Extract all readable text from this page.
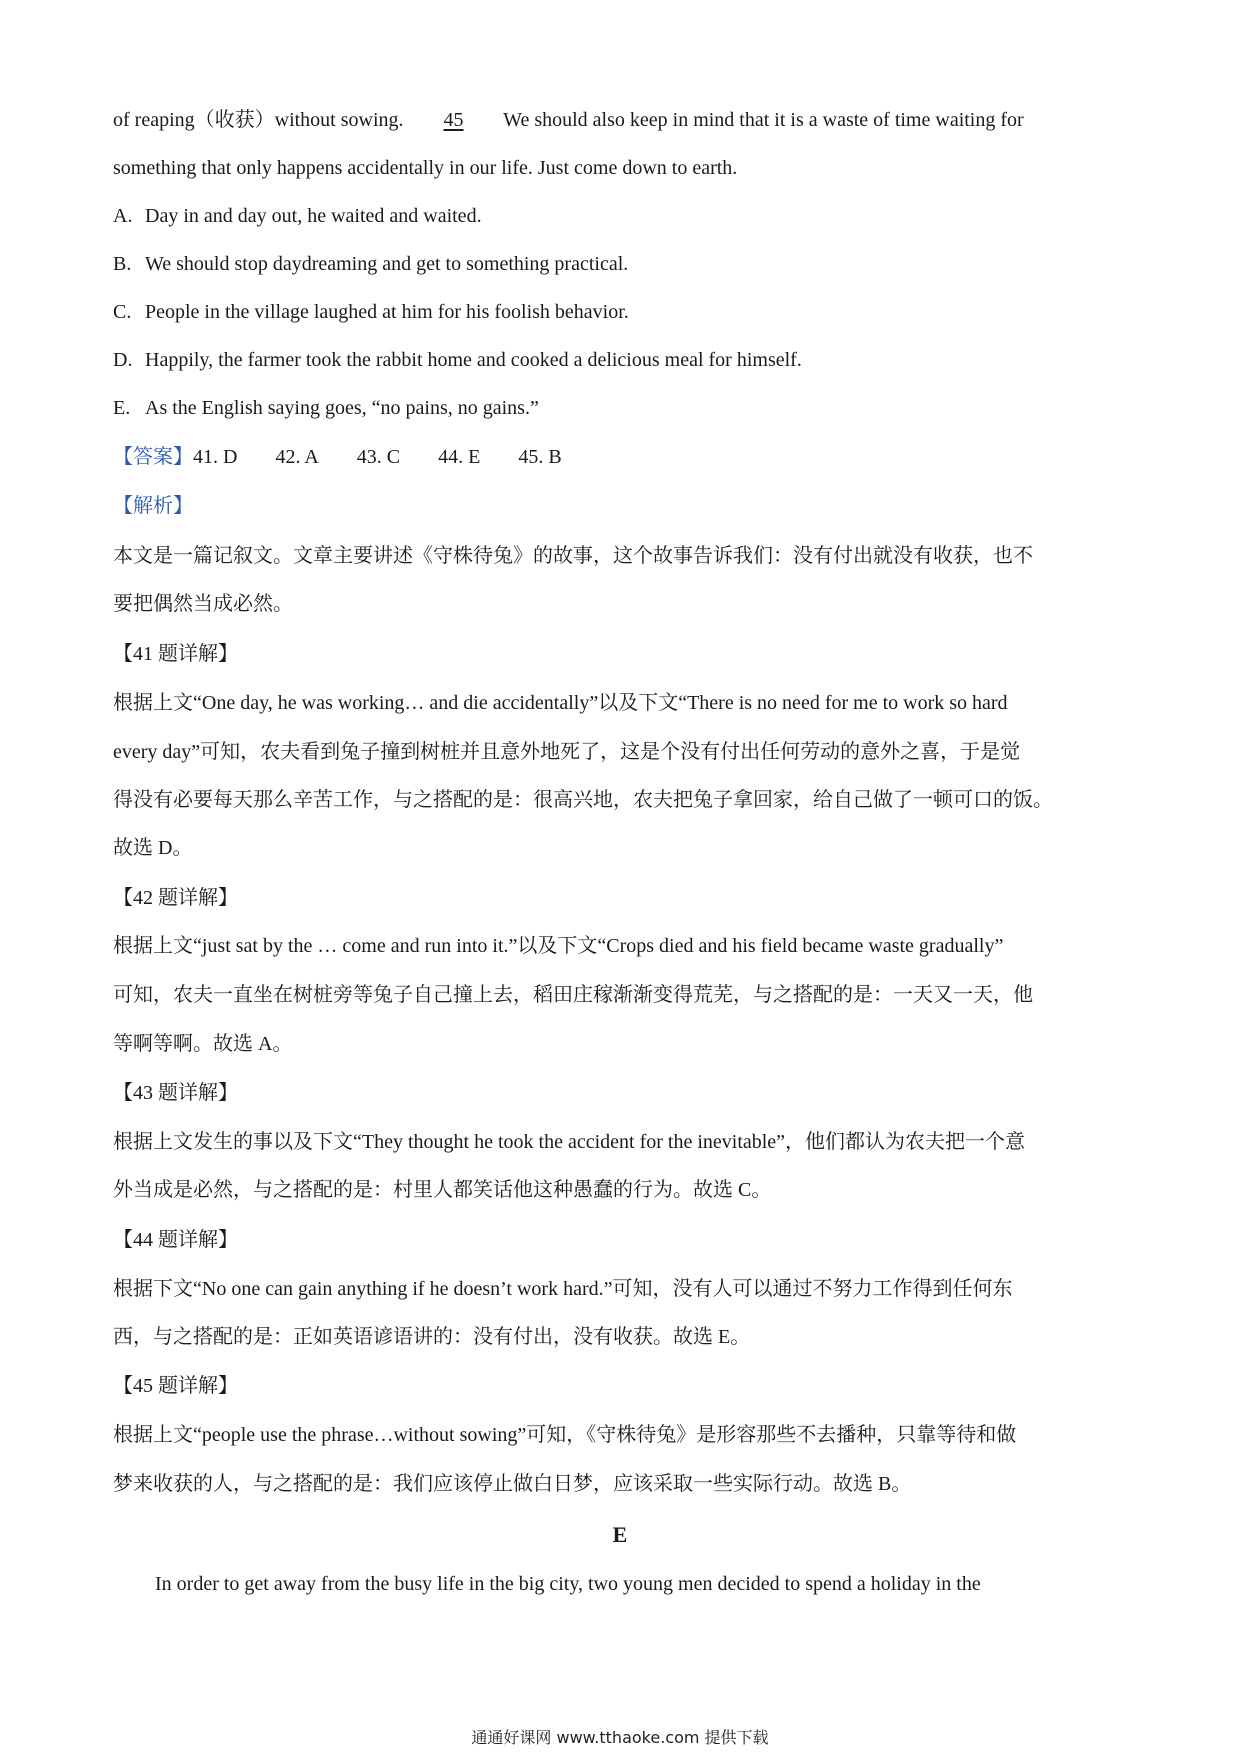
of reaping（收获）without sowing. 45 We should also keep in mind that it is a waste of time waiting for
something that only happens accidentally in our life. Just come down to earth.
A. Day in and day out, he waited and waited.
B. We should stop daydreaming and get to something practical.
C. People in the village laughed at him for his foolish behavior.
D. Happily, the farmer took the rabbit home and cooked a delicious meal for himself.
E. As the English saying goes, “no pains, no gains.”
【答案】41. D 42. A 43. C 44. E 45. B
【解析】
本文是一篇记叙文。文章主要讲述《守株待兔》的故事，这个故事告诉我们：没有付出就没有收获，也不
要把偶然当成必然。
【41 题详解】
根据上文“One day, he was working… and die accidentally”以及下文“There is no need for me to work so hard
every day”可知，农夫看到兔子撞到树桩并且意外地死了，这是个没有付出任何劳动的意外之喜，于是觉
得没有必要每天那么辛苦工作，与之搭配的是：很高兴地，农夫把兔子拿回家，给自己做了一顿可口的饭。
故选 D。
【42 题详解】
根据上文“just sat by the … come and run into it.”以及下文“Crops died and his field became waste gradually”
可知，农夫一直坐在树桩旁等兔子自己撞上去，稻田庄稼渐渐变得荒芜，与之搭配的是：一天又一天，他
等啊等啊。故选 A。
【43 题详解】
根据上文发生的事以及下文“They thought he took the accident for the inevitable”，他们都认为农夫把一个意
外当成是必然，与之搭配的是：村里人都笑话他这种愚蠢的行为。故选 C。
【44 题详解】
根据下文“No one can gain anything if he doesn’t work hard.”可知，没有人可以通过不努力工作得到任何东
西，与之搭配的是：正如英语谚语讲的：没有付出，没有收获。故选 E。
【45 题详解】
根据上文“people use the phrase…without sowing”可知，《守株待兔》是形容那些不去播种，只靠等待和做
梦来收获的人，与之搭配的是：我们应该停止做白日梦，应该采取一些实际行动。故选 B。
E
In order to get away from the busy life in the big city, two young men decided to spend a holiday in the
通通好课网 www.tthaoke.com 提供下载
